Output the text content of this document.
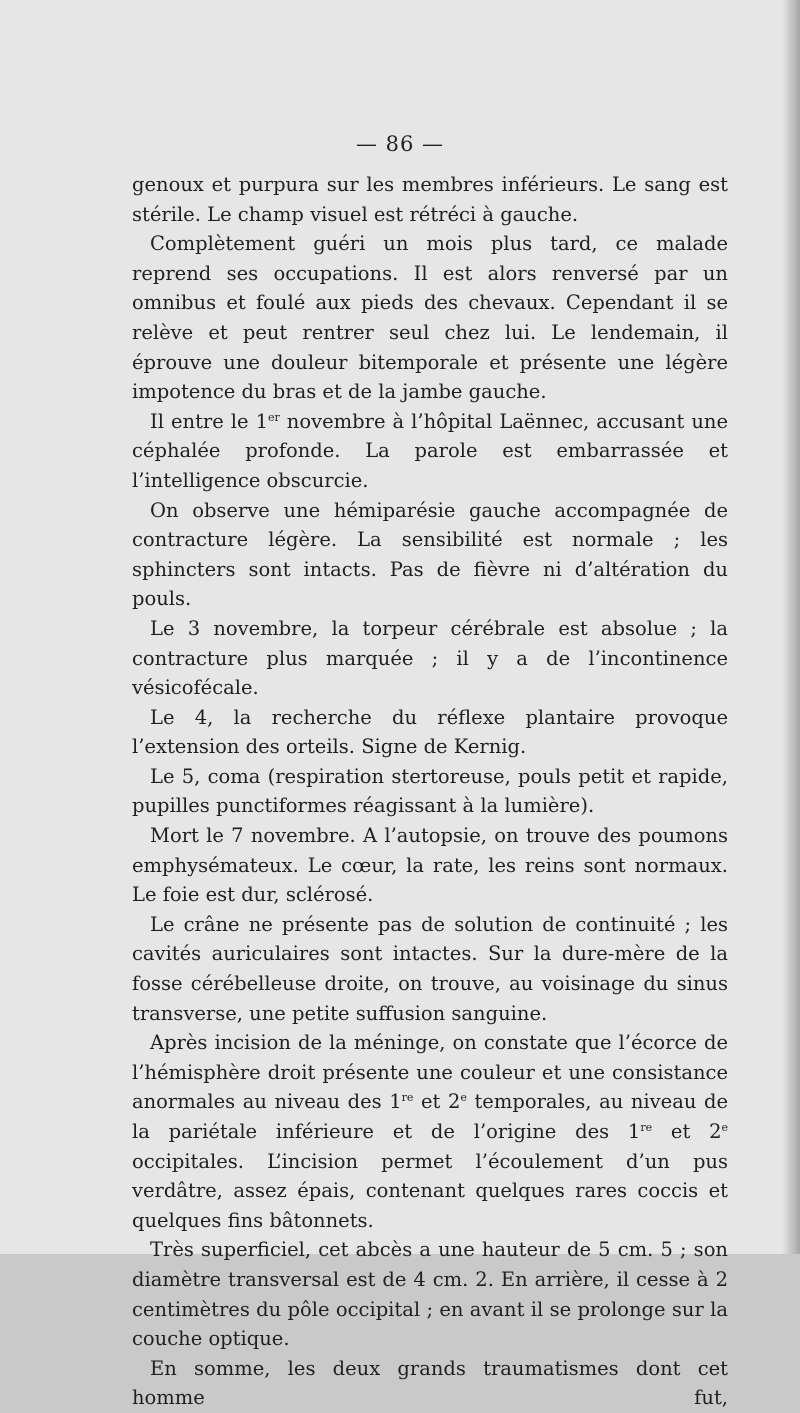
— 86 —

genoux et purpura sur les membres inférieurs. Le sang est stérile. Le champ visuel est rétréci à gauche.

Complètement guéri un mois plus tard, ce malade reprend ses occupations. Il est alors renversé par un omnibus et foulé aux pieds des chevaux. Cependant il se relève et peut rentrer seul chez lui. Le lendemain, il éprouve une douleur bitemporale et présente une légère impotence du bras et de la jambe gauche.

Il entre le 1er novembre à l’hôpital Laënnec, accusant une céphalée profonde. La parole est embarrassée et l’intelligence obscurcie.

On observe une hémiparésie gauche accompagnée de contracture légère. La sensibilité est normale ; les sphincters sont intacts. Pas de fièvre ni d’altération du pouls.

Le 3 novembre, la torpeur cérébrale est absolue ; la contracture plus marquée ; il y a de l’incontinence vésicofécale.

Le 4, la recherche du réflexe plantaire provoque l’extension des orteils. Signe de Kernig.

Le 5, coma (respiration stertoreuse, pouls petit et rapide, pupilles punctiformes réagissant à la lumière).

Mort le 7 novembre. A l’autopsie, on trouve des poumons emphysémateux. Le cœur, la rate, les reins sont normaux. Le foie est dur, sclérosé.

Le crâne ne présente pas de solution de continuité ; les cavités auriculaires sont intactes. Sur la dure-mère de la fosse cérébelleuse droite, on trouve, au voisinage du sinus transverse, une petite suffusion sanguine.

Après incision de la méninge, on constate que l’écorce de l’hémisphère droit présente une couleur et une consistance anormales au niveau des 1re et 2e temporales, au niveau de la pariétale inférieure et de l’origine des 1re et 2e occipitales. L’incision permet l’écoulement d’un pus verdâtre, assez épais, contenant quelques rares coccis et quelques fins bâtonnets.

Très superficiel, cet abcès a une hauteur de 5 cm. 5 ; son diamètre transversal est de 4 cm. 2. En arrière, il cesse à 2 centimètres du pôle occipital ; en avant il se prolonge sur la couche optique.

En somme, les deux grands traumatismes dont cet homme fut,
